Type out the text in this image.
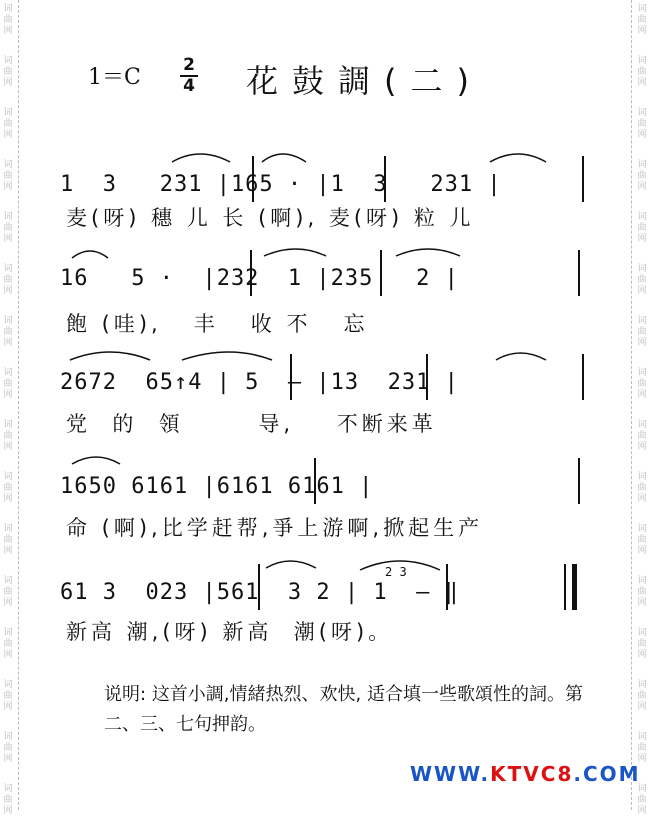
词
曲
网
词
曲
网
词
曲
网
词
曲
网
词
曲
网
词
曲
网
词
曲
网
词
曲
网
词
曲
网
词
曲
网
词
曲
网
词
曲
网
词
曲
网
词
曲
网
词
曲
网
词
曲
网
词
曲
网
词
曲
网
词
曲
网
词
曲
网
词
曲
网
词
曲
网
词
曲
网
词
曲
网
词
曲
网
词
曲
网
词
曲
网
词
曲
网
词
曲
网
词
曲
网
词
曲
网
词
曲
网
1＝C 2
4 花鼓調(二)
1  3   231 |165 · |1  3   231 |
麦(呀) 穗 儿 长 (啊), 麦(呀) 粒 儿
16   5 ·  |232  1 |235   2 |
飽 (哇),   丰   收 不   忘
2672  65↑4 | 5  — |13  231 |
党  的  領       导,    不断来革
1650 6161 |6161 6161 |
命 (啊),比学赶帮,爭上游啊,掀起生产
61 3  023 |561  3 2 | 1  — ‖
新高 潮,(呀) 新高  潮(呀)。
2 3
说明: 这首小調,情緒热烈、欢快, 适合填一些歌頌性的詞。第二、三、七句押韵。
WWW.KTVC8.COM
